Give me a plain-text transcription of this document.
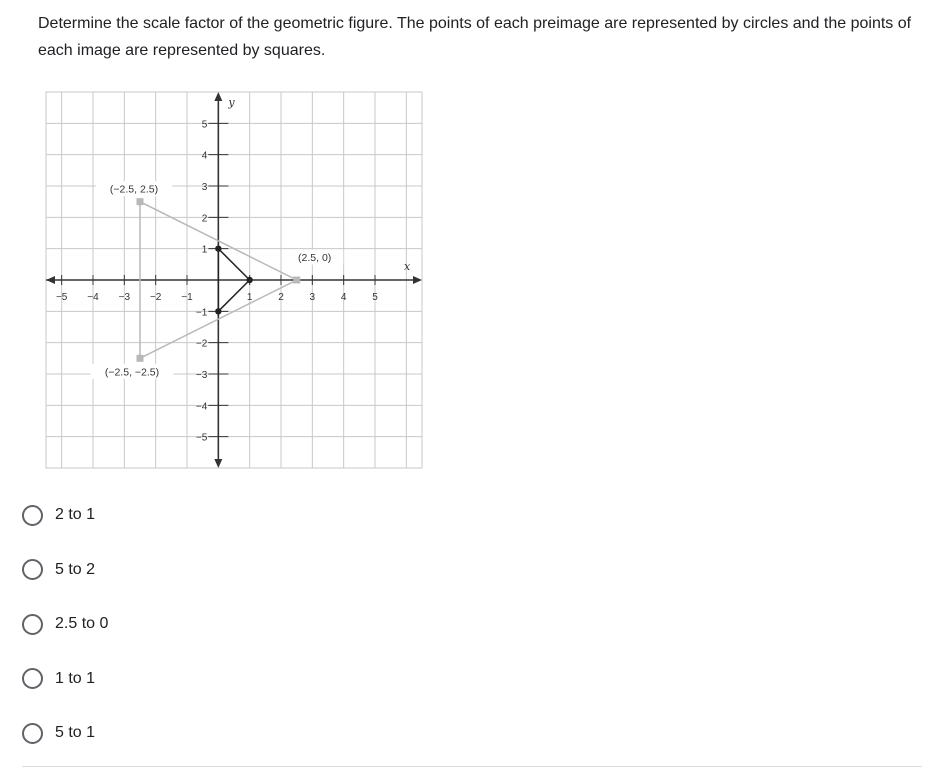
Determine the scale factor of the geometric figure. The points of each preimage are represented by circles and the points of each image are represented by squares.

x
y
−5 −4 −3 −2 −1	1	2	3	4	5
5
4
3
2
1
−1
−2
−3
−4
−5
(−2.5, 2.5)
(2.5, 0)
(−2.5, −2.5)
2 to 1
5 to 2
2.5 to 0
1 to 1
5 to 1
